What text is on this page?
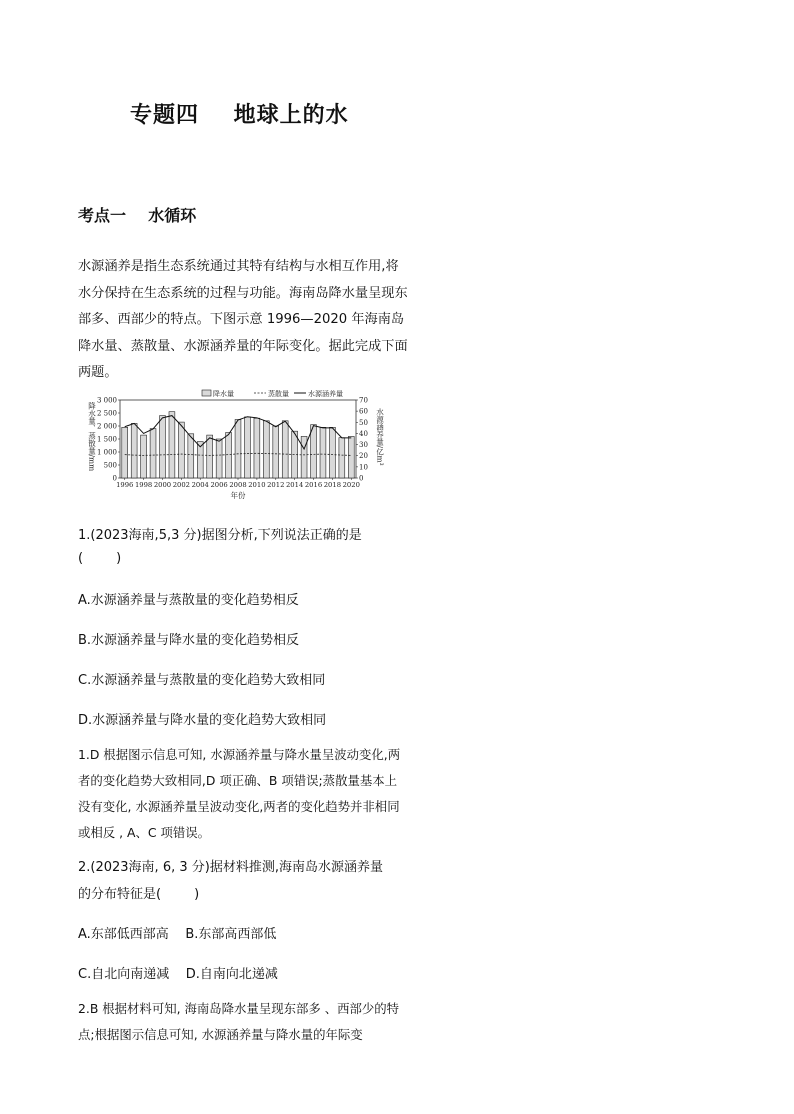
专题四    地球上的水
考点一    水循环
水源涵养是指生态系统通过其特有结构与水相互作用,将水分保持在生态系统的过程与功能。海南岛降水量呈现东部多、西部少的特点。下图示意 1996—2020 年海南岛降水量、蒸散量、水源涵养量的年际变化。据此完成下面两题。
0
500
1 000
1 500
2 000
2 500
3 000
0
10
20
30
40
50
60
70
降水量、蒸散量/mm	水源涵养量/亿m³
1996 1998 2000 2002 2004 2006 2008 2010 2012 2014 2016 2018 2020
年份
降水量	蒸散量	水源涵养量
1.(2023海南,5,3 分)据图分析,下列说法正确的是
(        )
A.水源涵养量与蒸散量的变化趋势相反
B.水源涵养量与降水量的变化趋势相反
C.水源涵养量与蒸散量的变化趋势大致相同
D.水源涵养量与降水量的变化趋势大致相同
1.D 根据图示信息可知, 水源涵养量与降水量呈波动变化,两者的变化趋势大致相同,D 项正确、B 项错误;蒸散量基本上没有变化, 水源涵养量呈波动变化,两者的变化趋势并非相同或相反 , A、C 项错误。
2.(2023海南, 6, 3 分)据材料推测,海南岛水源涵养量
的分布特征是(        )
A.东部低西部高    B.东部高西部低
C.自北向南递减    D.自南向北递减
2.B 根据材料可知, 海南岛降水量呈现东部多 、西部少的特点;根据图示信息可知, 水源涵养量与降水量的年际变
